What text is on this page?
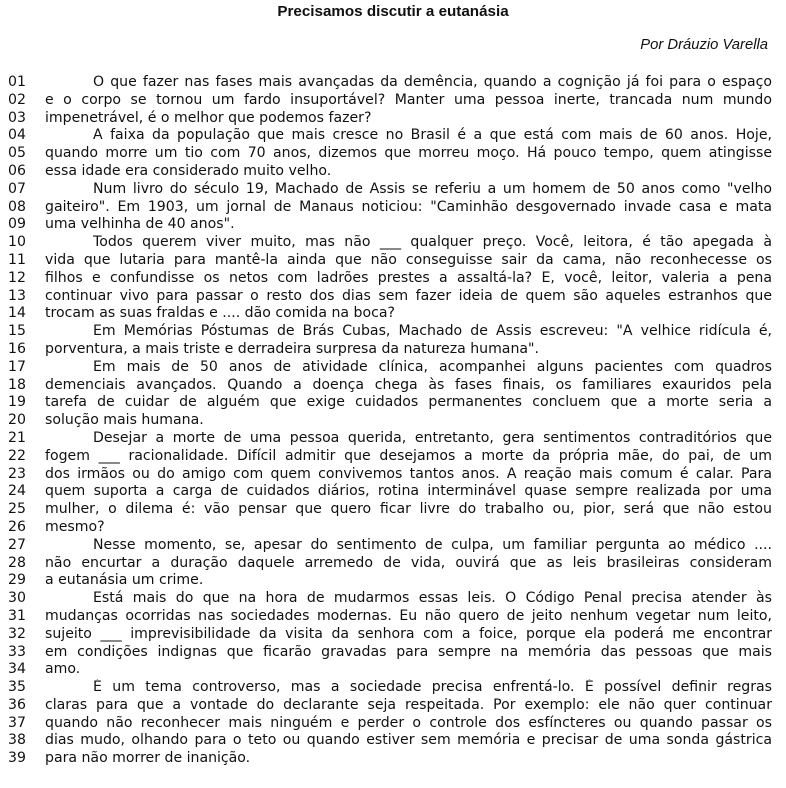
Precisamos discutir a eutanásia
Por Dráuzio Varella
01	O que fazer nas fases mais avançadas da demência, quando a cognição já foi para o espaço
02	e o corpo se tornou um fardo insuportável? Manter uma pessoa inerte, trancada num mundo
03	impenetrável, é o melhor que podemos fazer?
04	A faixa da população que mais cresce no Brasil é a que está com mais de 60 anos. Hoje,
05	quando morre um tio com 70 anos, dizemos que morreu moço. Há pouco tempo, quem atingisse
06	essa idade era considerado muito velho.
07	Num livro do século 19, Machado de Assis se referiu a um homem de 50 anos como "velho
08	gaiteiro". Em 1903, um jornal de Manaus noticiou: "Caminhão desgovernado invade casa e mata
09	uma velhinha de 40 anos".
10	Todos querem viver muito, mas não ___ qualquer preço. Você, leitora, é tão apegada à
11	vida que lutaria para mantê-la ainda que não conseguisse sair da cama, não reconhecesse os
12	filhos e confundisse os netos com ladrões prestes a assaltá-la? E, você, leitor, valeria a pena
13	continuar vivo para passar o resto dos dias sem fazer ideia de quem são aqueles estranhos que
14	trocam as suas fraldas e .... dão comida na boca?
15	Em Memórias Póstumas de Brás Cubas, Machado de Assis escreveu: "A velhice ridícula é,
16	porventura, a mais triste e derradeira surpresa da natureza humana".
17	Em mais de 50 anos de atividade clínica, acompanhei alguns pacientes com quadros
18	demenciais avançados. Quando a doença chega às fases finais, os familiares exauridos pela
19	tarefa de cuidar de alguém que exige cuidados permanentes concluem que a morte seria a
20	solução mais humana.
21	Desejar a morte de uma pessoa querida, entretanto, gera sentimentos contraditórios que
22	fogem ___ racionalidade. Difícil admitir que desejamos a morte da própria mãe, do pai, de um
23	dos irmãos ou do amigo com quem convivemos tantos anos. A reação mais comum é calar. Para
24	quem suporta a carga de cuidados diários, rotina interminável quase sempre realizada por uma
25	mulher, o dilema é: vão pensar que quero ficar livre do trabalho ou, pior, será que não estou
26	mesmo?
27	Nesse momento, se, apesar do sentimento de culpa, um familiar pergunta ao médico ....
28	não encurtar a duração daquele arremedo de vida, ouvirá que as leis brasileiras consideram
29	a eutanásia um crime.
30	Está mais do que na hora de mudarmos essas leis. O Código Penal precisa atender às
31	mudanças ocorridas nas sociedades modernas. Eu não quero de jeito nenhum vegetar num leito,
32	sujeito ___ imprevisibilidade da visita da senhora com a foice, porque ela poderá me encontrar
33	em condições indignas que ficarão gravadas para sempre na memória das pessoas que mais
34	amo.
35	É um tema controverso, mas a sociedade precisa enfrentá-lo. É possível definir regras
36	claras para que a vontade do declarante seja respeitada. Por exemplo: ele não quer continuar
37	quando não reconhecer mais ninguém e perder o controle dos esfíncteres ou quando passar os
38	dias mudo, olhando para o teto ou quando estiver sem memória e precisar de uma sonda gástrica
39	para não morrer de inanição.
